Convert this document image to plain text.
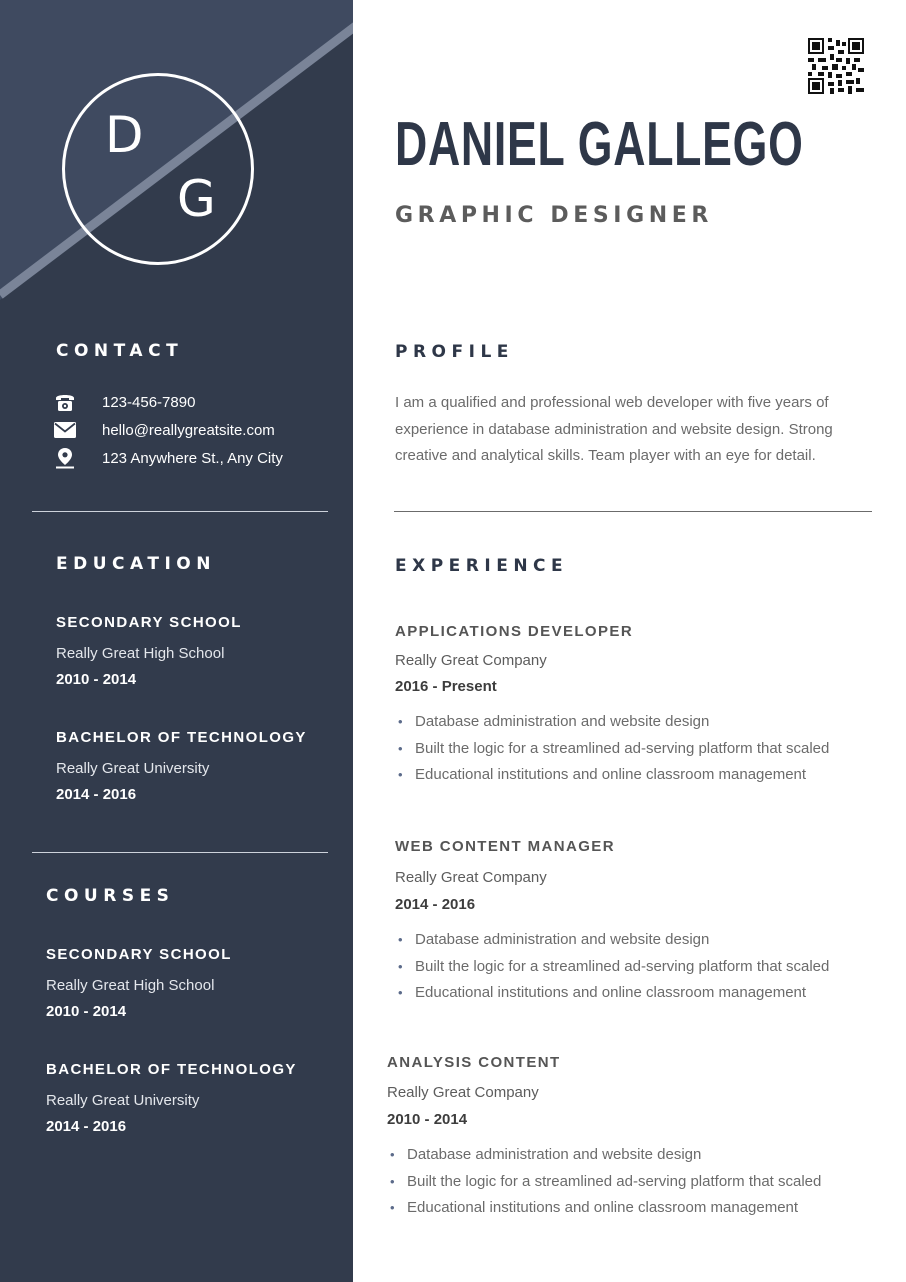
D
G
CONTACT
123-456-7890
hello@reallygreatsite.com
123 Anywhere St., Any City
EDUCATION
SECONDARY SCHOOL
Really Great High School
2010 - 2014
BACHELOR OF TECHNOLOGY
Really Great University
2014 - 2016
COURSES
SECONDARY SCHOOL
Really Great High School
2010 - 2014
BACHELOR OF TECHNOLOGY
Really Great University
2014 - 2016
DANIEL GALLEGO
GRAPHIC DESIGNER
PROFILE

I am a qualified and professional web developer with five years of experience in database administration and website design. Strong creative and analytical skills. Team player with an eye for detail.

EXPERIENCE
APPLICATIONS DEVELOPER
Really Great Company
2016 - Present
• Database administration and website design
• Built the logic for a streamlined ad-serving platform that scaled
• Educational institutions and online classroom management
WEB CONTENT MANAGER
Really Great Company
2014 - 2016
• Database administration and website design
• Built the logic for a streamlined ad-serving platform that scaled
• Educational institutions and online classroom management
ANALYSIS CONTENT
Really Great Company
2010 - 2014
• Database administration and website design
• Built the logic for a streamlined ad-serving platform that scaled
• Educational institutions and online classroom management
